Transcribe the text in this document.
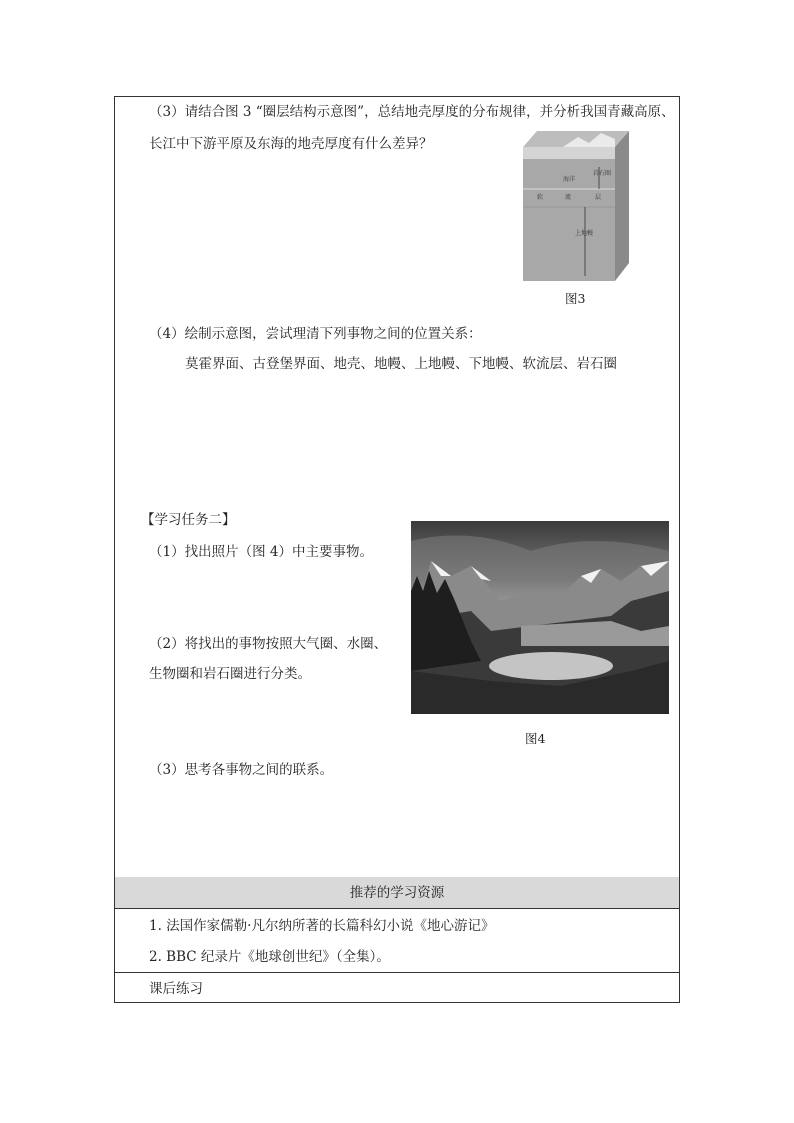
（3）请结合图 3 “圈层结构示意图”，总结地壳厚度的分布规律，并分析我国青藏高原、
长江中下游平原及东海的地壳厚度有什么差异？
海洋
岩石圈
软	流	层
上地幔
图3
（4）绘制示意图，尝试理清下列事物之间的位置关系：
莫霍界面、古登堡界面、地壳、地幔、上地幔、下地幔、软流层、岩石圈
【学习任务二】
（1）找出照片（图 4）中主要事物。
图4
（2）将找出的事物按照大气圈、水圈、
生物圈和岩石圈进行分类。
（3）思考各事物之间的联系。
推荐的学习资源
1. 法国作家儒勒·凡尔纳所著的长篇科幻小说《地心游记》
2. BBC 纪录片《地球创世纪》（全集）。
课后练习
